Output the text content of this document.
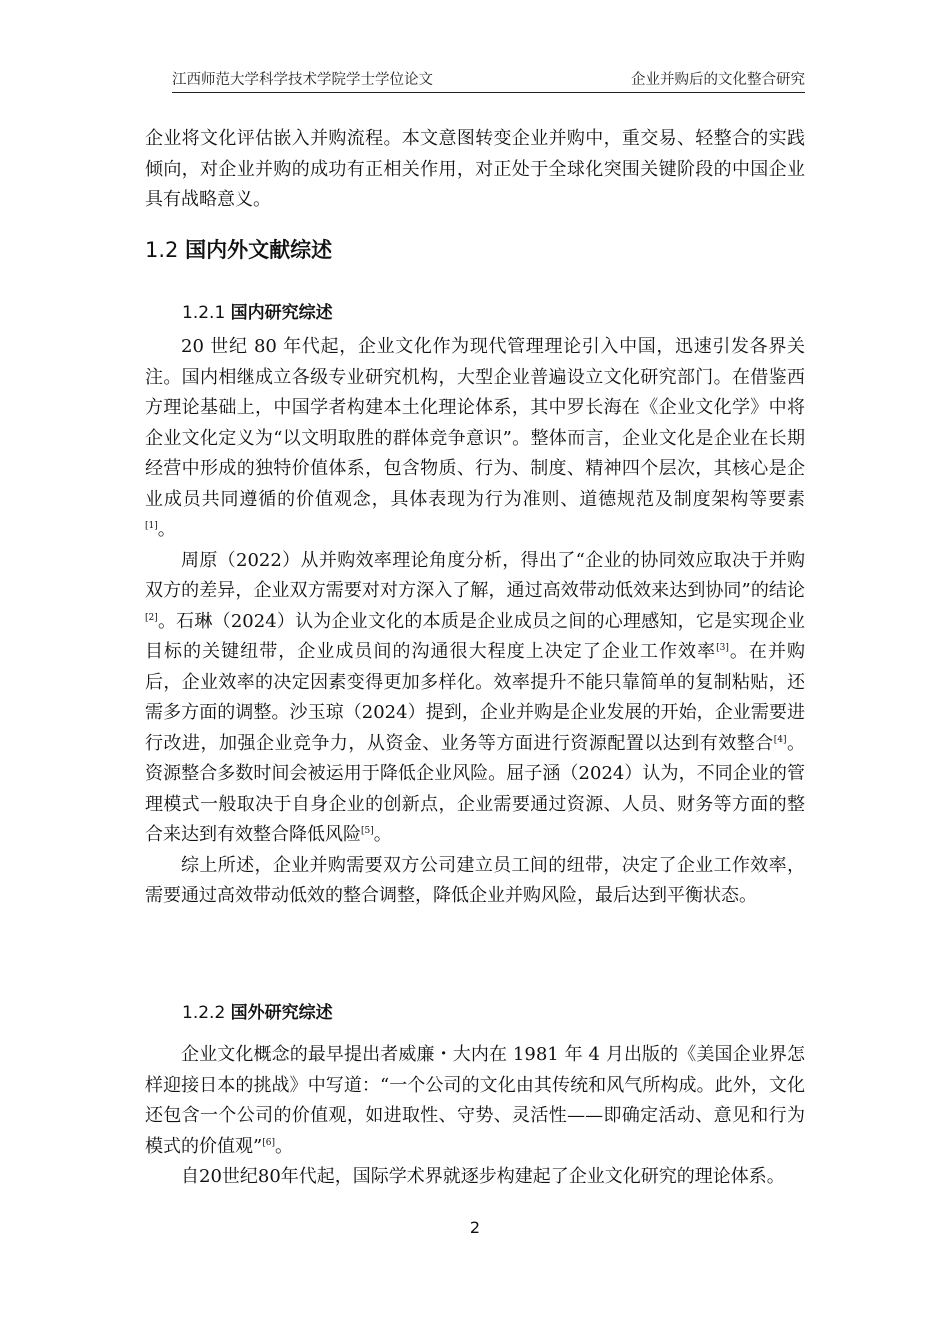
江西师范大学科学技术学院学士学位论文	企业并购后的文化整合研究

企业将文化评估嵌入并购流程。本文意图转变企业并购中，重交易、轻整合的实践倾向，对企业并购的成功有正相关作用，对正处于全球化突围关键阶段的中国企业具有战略意义。

1.2 国内外文献综述
1.2.1 国内研究综述

20 世纪 80 年代起，企业文化作为现代管理理论引入中国，迅速引发各界关注。国内相继成立各级专业研究机构，大型企业普遍设立文化研究部门。在借鉴西方理论基础上，中国学者构建本土化理论体系，其中罗长海在《企业文化学》中将企业文化定义为“以文明取胜的群体竞争意识”。整体而言，企业文化是企业在长期经营中形成的独特价值体系，包含物质、行为、制度、精神四个层次，其核心是企业成员共同遵循的价值观念，具体表现为行为准则、道德规范及制度架构等要素[1]。

周原（2022）从并购效率理论角度分析，得出了“企业的协同效应取决于并购双方的差异，企业双方需要对对方深入了解，通过高效带动低效来达到协同”的结论[2]。石琳（2024）认为企业文化的本质是企业成员之间的心理感知，它是实现企业目标的关键纽带，企业成员间的沟通很大程度上决定了企业工作效率[3]。在并购后，企业效率的决定因素变得更加多样化。效率提升不能只靠简单的复制粘贴，还需多方面的调整。沙玉琼（2024）提到，企业并购是企业发展的开始，企业需要进行改进，加强企业竞争力，从资金、业务等方面进行资源配置以达到有效整合[4]。资源整合多数时间会被运用于降低企业风险。屈子涵（2024）认为，不同企业的管理模式一般取决于自身企业的创新点，企业需要通过资源、人员、财务等方面的整合来达到有效整合降低风险[5]。

综上所述，企业并购需要双方公司建立员工间的纽带，决定了企业工作效率，需要通过高效带动低效的整合调整，降低企业并购风险，最后达到平衡状态。

1.2.2 国外研究综述

企业文化概念的最早提出者威廉・大内在 1981 年 4 月出版的《美国企业界怎样迎接日本的挑战》中写道：“一个公司的文化由其传统和风气所构成。此外，文化还包含一个公司的价值观，如进取性、守势、灵活性——即确定活动、意见和行为模式的价值观”[6]。

自20世纪80年代起，国际学术界就逐步构建起了企业文化研究的理论体系。

2
